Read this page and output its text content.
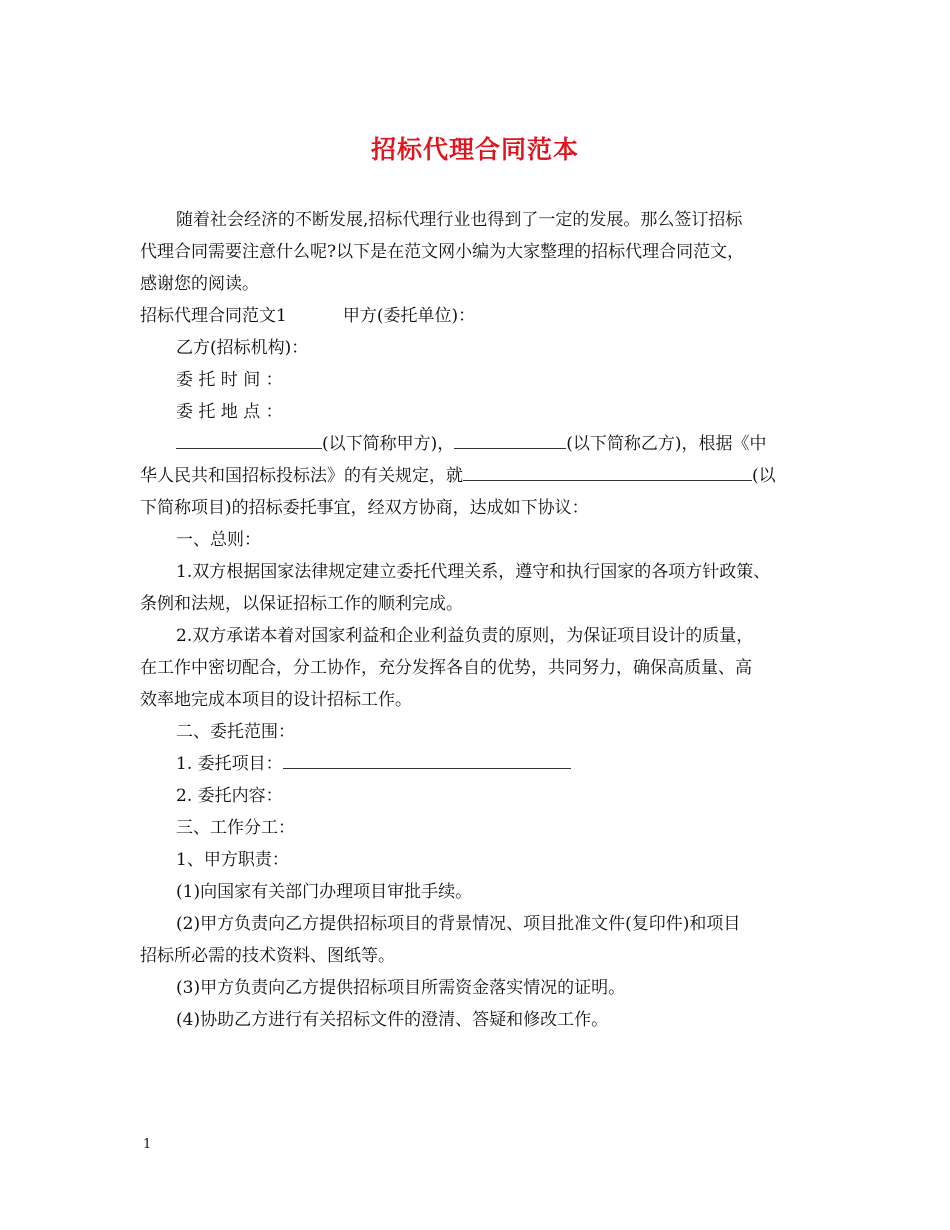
招标代理合同范本

随着社会经济的不断发展,招标代理行业也得到了一定的发展。那么签订招标

代理合同需要注意什么呢?以下是在范文网小编为大家整理的招标代理合同范文，

感谢您的阅读。

招标代理合同范文1	甲方(委托单位)：

乙方(招标机构)：

委 托 时 间 ：

委 托 地 点 ：

(以下简称甲方)，	(以下简称乙方)，根据《中

华人民共和国招标投标法》的有关规定，就	(以

下简称项目)的招标委托事宜，经双方协商，达成如下协议：

一、总则：

1.双方根据国家法律规定建立委托代理关系，遵守和执行国家的各项方针政策、

条例和法规，以保证招标工作的顺利完成。

2.双方承诺本着对国家利益和企业利益负责的原则，为保证项目设计的质量，

在工作中密切配合，分工协作，充分发挥各自的优势，共同努力，确保高质量、高

效率地完成本项目的设计招标工作。

二、委托范围：

1. 委托项目：

2. 委托内容：

三、工作分工：

1、甲方职责：

(1)向国家有关部门办理项目审批手续。

(2)甲方负责向乙方提供招标项目的背景情况、项目批准文件(复印件)和项目

招标所必需的技术资料、图纸等。

(3)甲方负责向乙方提供招标项目所需资金落实情况的证明。

(4)协助乙方进行有关招标文件的澄清、答疑和修改工作。

1
